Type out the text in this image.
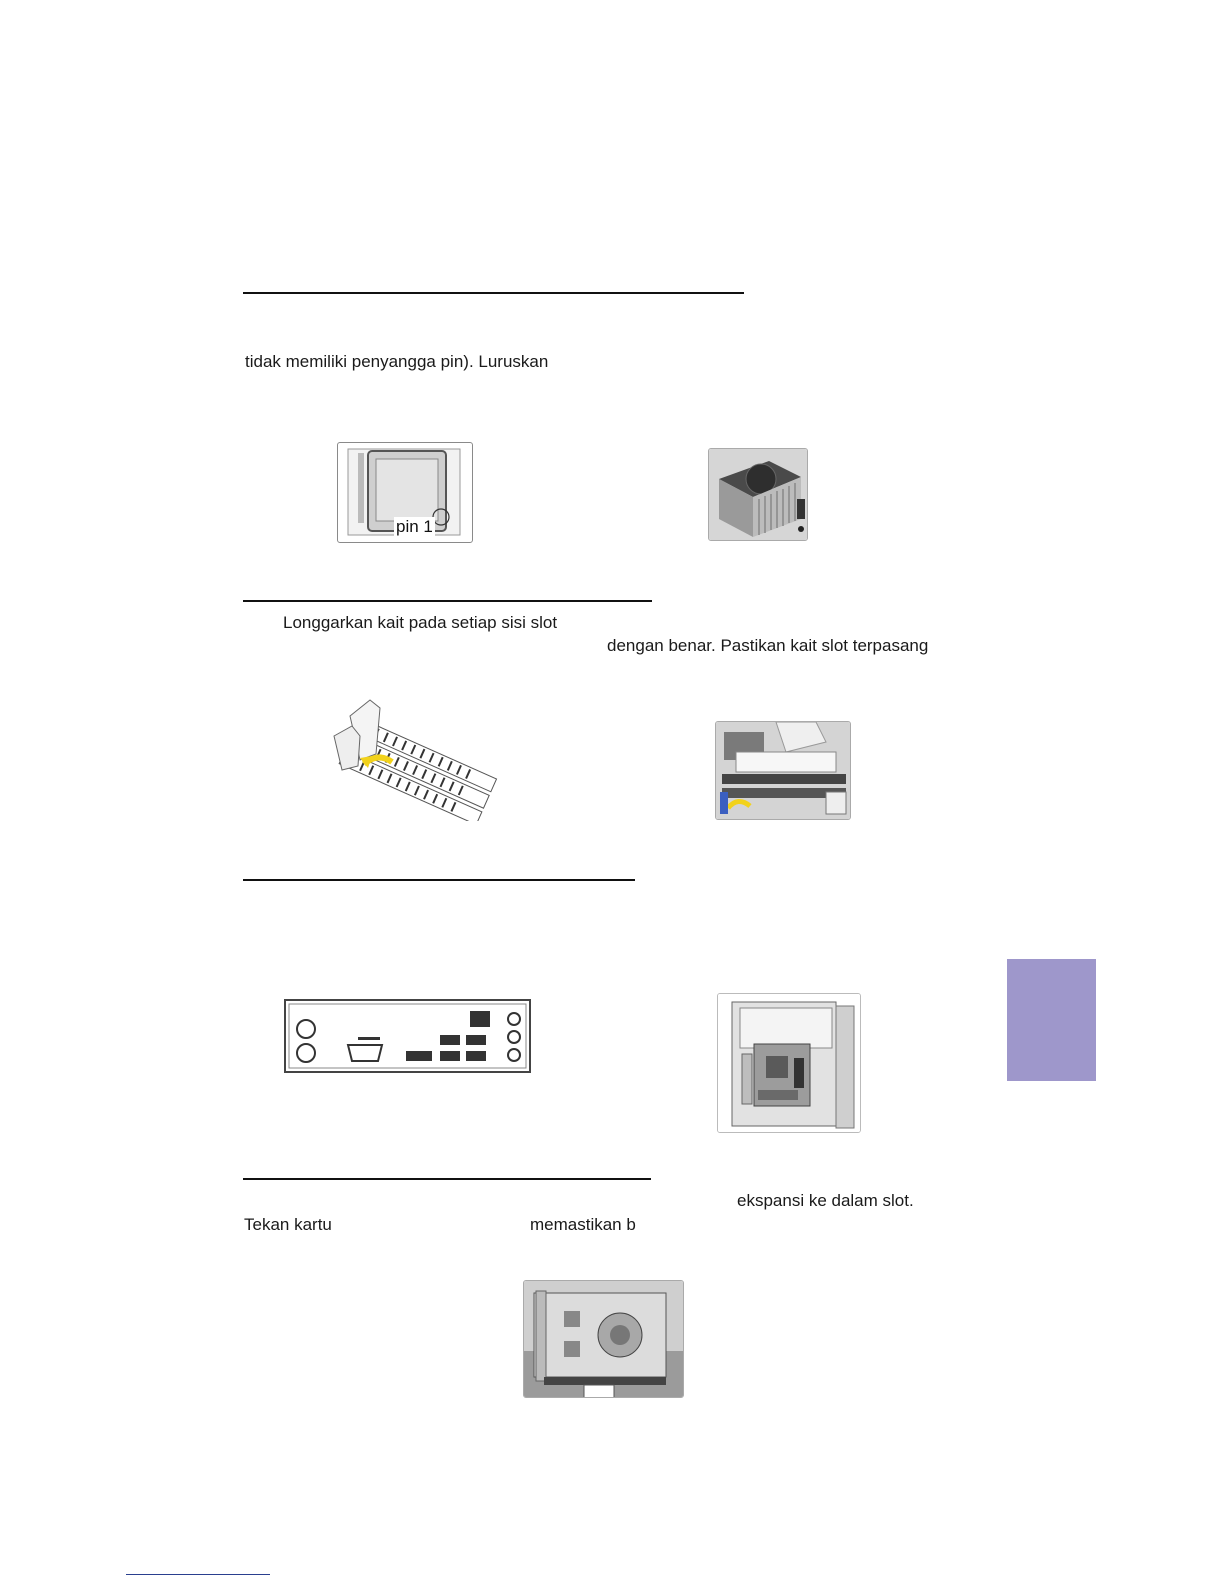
tidak memiliki penyangga pin). Luruskan
pin 1
Longgarkan kait pada setiap sisi slot
dengan benar. Pastikan kait slot terpasang
ekspansi ke dalam slot.
Tekan kartu	memastikan b
